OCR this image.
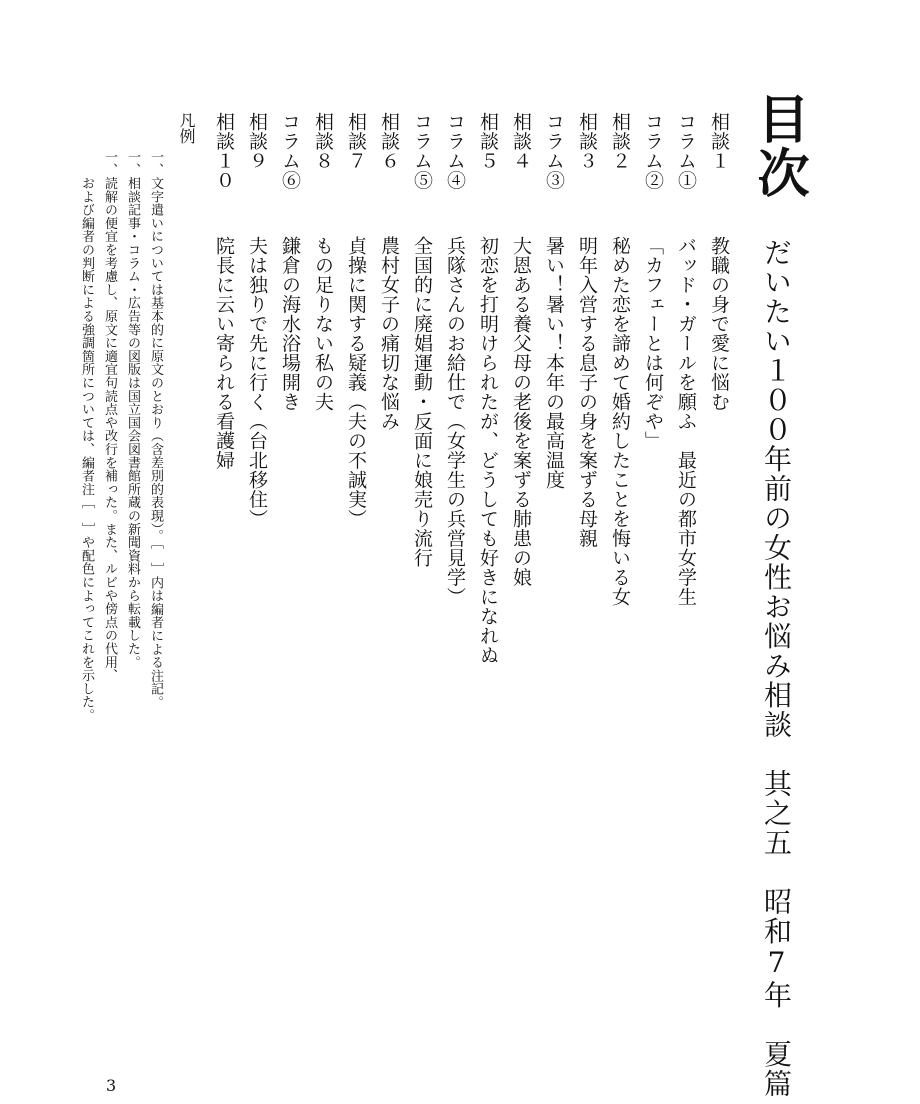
目次
だいたい１００年前の女性お悩み相談　其之五　昭和7年　夏篇
相談１
教職の身で愛に悩む
コラム①
バッド・ガールを願ふ　最近の都市女学生
コラム②
「カフェーとは何ぞや」
相談２
秘めた恋を諦めて婚約したことを悔いる女
相談３
明年入営する息子の身を案ずる母親
コラム③
暑い！暑い！本年の最高温度
相談４
大恩ある養父母の老後を案ずる肺患の娘
相談５
初恋を打明けられたが、どうしても好きになれぬ
コラム④
兵隊さんのお給仕で（女学生の兵営見学）
コラム⑤
全国的に廃娼運動・反面に娘売り流行
相談６
農村女子の痛切な悩み
相談７
貞操に関する疑義（夫の不誠実）
相談８
もの足りない私の夫
コラム⑥
鎌倉の海水浴場開き
相談９
夫は独りで先に行く（台北移住）
相談１０
院長に云い寄られる看護婦
凡例
一、文字遣いについては基本的に原文のとおり（含差別的表現）。［　］内は編者による注記。
一、相談記事・コラム・広告等の図版は国立国会図書館所蔵の新聞資料から転載した。
一、読解の便宜を考慮し、原文に適宜句読点や改行を補った。また、ルビや傍点の代用、
　　および編者の判断による強調箇所については、編者注［　］や配色によってこれを示した。
3
